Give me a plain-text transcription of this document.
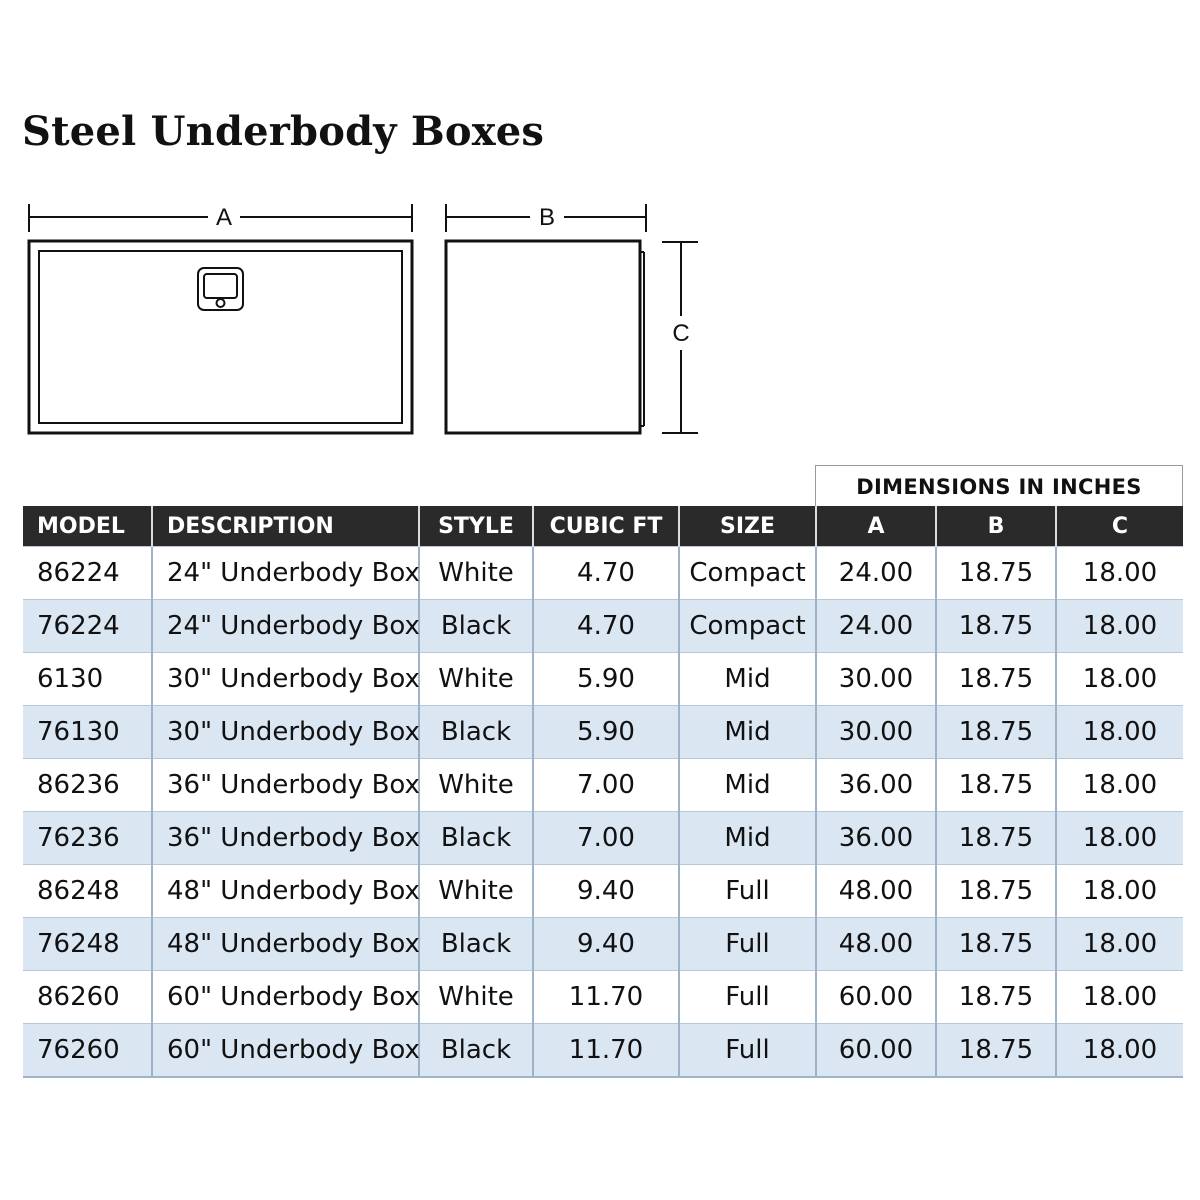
Steel Underbody Boxes
A	B
C
DIMENSIONS IN INCHES
MODEL	DESCRIPTION	STYLE	CUBIC FT	SIZE	A	B	C
86224	24" Underbody Box	White	4.70	Compact	24.00	18.75	18.00
76224	24" Underbody Box	Black	4.70	Compact	24.00	18.75	18.00
6130	30" Underbody Box	White	5.90	Mid	30.00	18.75	18.00
76130	30" Underbody Box	Black	5.90	Mid	30.00	18.75	18.00
86236	36" Underbody Box	White	7.00	Mid	36.00	18.75	18.00
76236	36" Underbody Box	Black	7.00	Mid	36.00	18.75	18.00
86248	48" Underbody Box	White	9.40	Full	48.00	18.75	18.00
76248	48" Underbody Box	Black	9.40	Full	48.00	18.75	18.00
86260	60" Underbody Box	White	11.70	Full	60.00	18.75	18.00
76260	60" Underbody Box	Black	11.70	Full	60.00	18.75	18.00
